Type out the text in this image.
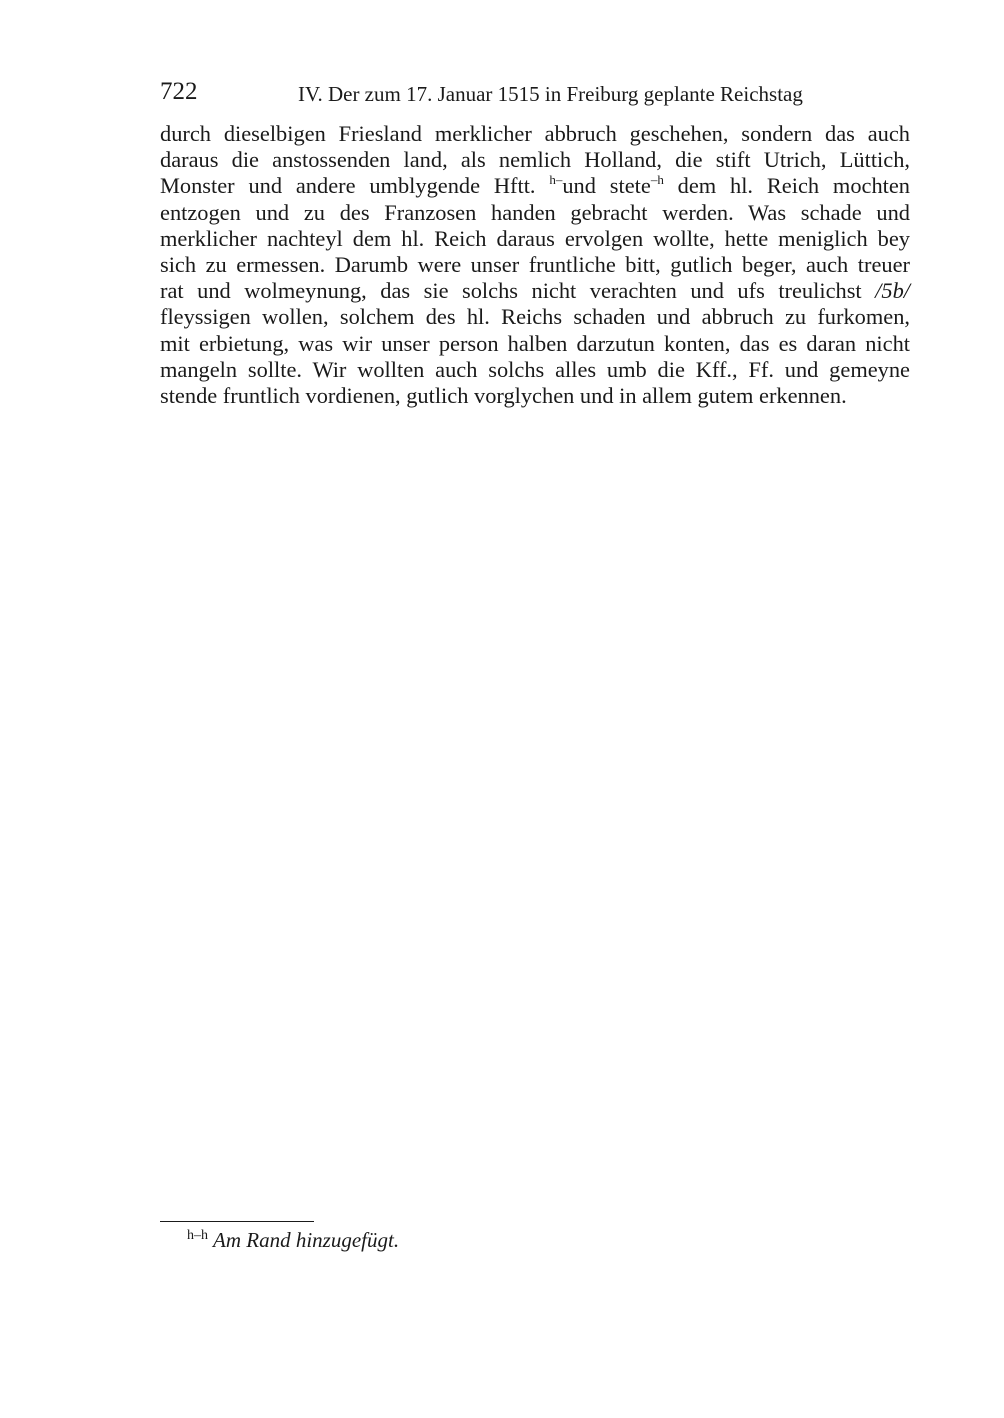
722	IV. Der zum 17. Januar 1515 in Freiburg geplante Reichstag
durch dieselbigen Friesland merklicher abbruch geschehen, sondern das auch
daraus die anstossenden land, als nemlich Holland, die stift Utrich, Lüttich,
Monster und andere umblygende Hftt. $^{h-}$und stete$^{-h}$ dem hl. Reich mochten
entzogen und zu des Franzosen handen gebracht werden. Was schade und
merklicher nachteyl dem hl. Reich daraus ervolgen wollte, hette meniglich bey
sich zu ermessen. Darumb were unser fruntliche bitt, gutlich beger, auch treuer
rat und wolmeynung, das sie solchs nicht verachten und ufs treulichst /5b/
fleyssigen wollen, solchem des hl. Reichs schaden und abbruch zu furkomen,
mit erbietung, was wir unser person halben darzutun konten, das es daran nicht
mangeln sollte. Wir wollten auch solchs alles umb die Kff., Ff. und gemeyne
stende fruntlich vordienen, gutlich vorglychen und in allem gutem erkennen.
$^{h-h}$ Am Rand hinzugefügt.
